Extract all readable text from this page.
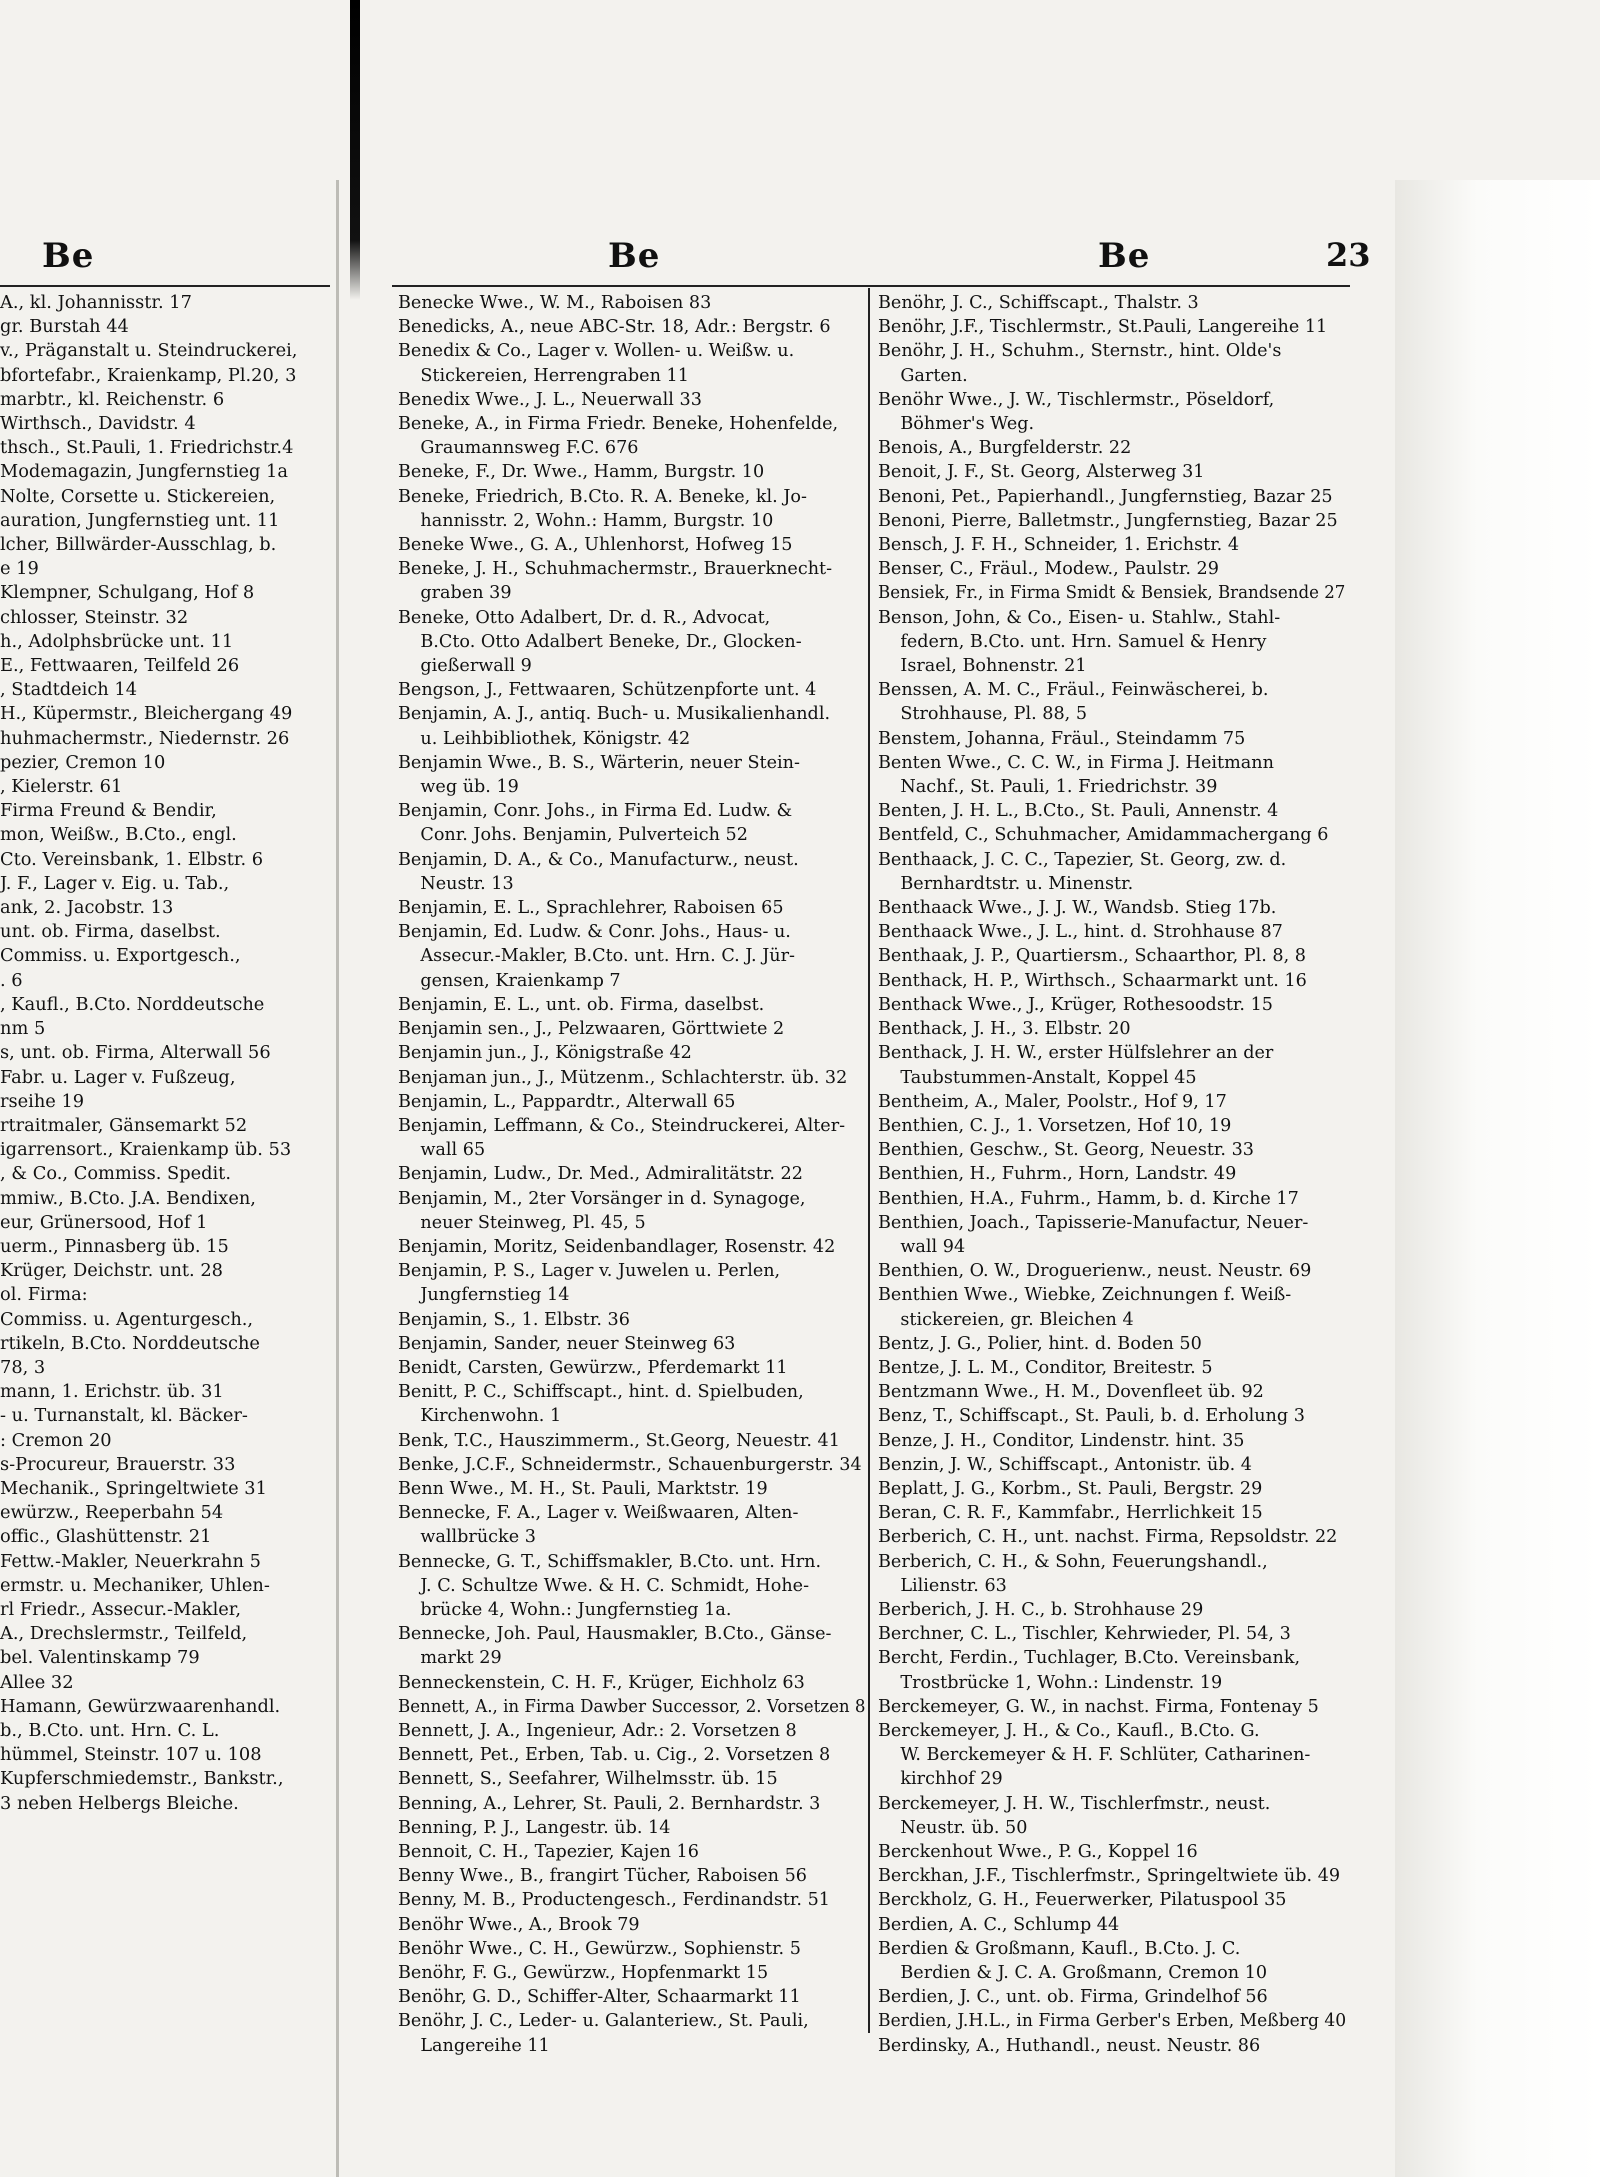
Be	Be	Be	23
A., kl. Johannisstr. 17
gr. Burstah 44
v., Präganstalt u. Steindruckerei,
bfortefabr., Kraienkamp, Pl.20, 3
marbtr., kl. Reichenstr. 6
Wirthsch., Davidstr. 4
thsch., St.Pauli, 1. Friedrichstr.4
Modemagazin, Jungfernstieg 1a
Nolte, Corsette u. Stickereien,
auration, Jungfernstieg unt. 11
lcher, Billwärder-Ausschlag, b.
e 19
Klempner, Schulgang, Hof 8
chlosser, Steinstr. 32
h., Adolphsbrücke unt. 11
E., Fettwaaren, Teilfeld 26
, Stadtdeich 14
H., Küpermstr., Bleichergang 49
huhmachermstr., Niedernstr. 26
pezier, Cremon 10
, Kielerstr. 61
Firma Freund & Bendir,
mon, Weißw., B.Cto., engl.
Cto. Vereinsbank, 1. Elbstr. 6
J. F., Lager v. Eig. u. Tab.,
ank, 2. Jacobstr. 13
unt. ob. Firma, daselbst.
Commiss. u. Exportgesch.,
. 6
, Kaufl., B.Cto. Norddeutsche
nm 5
s, unt. ob. Firma, Alterwall 56
Fabr. u. Lager v. Fußzeug,
rseihe 19
rtraitmaler, Gänsemarkt 52
igarrensort., Kraienkamp üb. 53
, & Co., Commiss. Spedit.
mmiw., B.Cto. J.A. Bendixen,
eur, Grünersood, Hof 1
uerm., Pinnasberg üb. 15
Krüger, Deichstr. unt. 28
ol. Firma:
Commiss. u. Agenturgesch.,
rtikeln, B.Cto. Norddeutsche
78, 3
mann, 1. Erichstr. üb. 31
- u. Turnanstalt, kl. Bäcker-
: Cremon 20
s-Procureur, Brauerstr. 33
Mechanik., Springeltwiete 31
ewürzw., Reeperbahn 54
offic., Glashüttenstr. 21
Fettw.-Makler, Neuerkrahn 5
ermstr. u. Mechaniker, Uhlen-
rl Friedr., Assecur.-Makler,
A., Drechslermstr., Teilfeld,
bel. Valentinskamp 79
Allee 32
Hamann, Gewürzwaarenhandl.
b., B.Cto. unt. Hrn. C. L.
hümmel, Steinstr. 107 u. 108
Kupferschmiedemstr., Bankstr.,
3 neben Helbergs Bleiche.
Benecke Wwe., W. M., Raboisen 83
Benedicks, A., neue ABC-Str. 18, Adr.: Bergstr. 6
Benedix & Co., Lager v. Wollen- u. Weißw. u.
Stickereien, Herrengraben 11
Benedix Wwe., J. L., Neuerwall 33
Beneke, A., in Firma Friedr. Beneke, Hohenfelde,
Graumannsweg F.C. 676
Beneke, F., Dr. Wwe., Hamm, Burgstr. 10
Beneke, Friedrich, B.Cto. R. A. Beneke, kl. Jo-
hannisstr. 2, Wohn.: Hamm, Burgstr. 10
Beneke Wwe., G. A., Uhlenhorst, Hofweg 15
Beneke, J. H., Schuhmachermstr., Brauerknecht-
graben 39
Beneke, Otto Adalbert, Dr. d. R., Advocat,
B.Cto. Otto Adalbert Beneke, Dr., Glocken-
gießerwall 9
Bengson, J., Fettwaaren, Schützenpforte unt. 4
Benjamin, A. J., antiq. Buch- u. Musikalienhandl.
u. Leihbibliothek, Königstr. 42
Benjamin Wwe., B. S., Wärterin, neuer Stein-
weg üb. 19
Benjamin, Conr. Johs., in Firma Ed. Ludw. &
Conr. Johs. Benjamin, Pulverteich 52
Benjamin, D. A., & Co., Manufacturw., neust.
Neustr. 13
Benjamin, E. L., Sprachlehrer, Raboisen 65
Benjamin, Ed. Ludw. & Conr. Johs., Haus- u.
Assecur.-Makler, B.Cto. unt. Hrn. C. J. Jür-
gensen, Kraienkamp 7
Benjamin, E. L., unt. ob. Firma, daselbst.
Benjamin sen., J., Pelzwaaren, Görttwiete 2
Benjamin jun., J., Königstraße 42
Benjaman jun., J., Mützenm., Schlachterstr. üb. 32
Benjamin, L., Pappardtr., Alterwall 65
Benjamin, Leffmann, & Co., Steindruckerei, Alter-
wall 65
Benjamin, Ludw., Dr. Med., Admiralitätstr. 22
Benjamin, M., 2ter Vorsänger in d. Synagoge,
neuer Steinweg, Pl. 45, 5
Benjamin, Moritz, Seidenbandlager, Rosenstr. 42
Benjamin, P. S., Lager v. Juwelen u. Perlen,
Jungfernstieg 14
Benjamin, S., 1. Elbstr. 36
Benjamin, Sander, neuer Steinweg 63
Benidt, Carsten, Gewürzw., Pferdemarkt 11
Benitt, P. C., Schiffscapt., hint. d. Spielbuden,
Kirchenwohn. 1
Benk, T.C., Hauszimmerm., St.Georg, Neuestr. 41
Benke, J.C.F., Schneidermstr., Schauenburgerstr. 34
Benn Wwe., M. H., St. Pauli, Marktstr. 19
Bennecke, F. A., Lager v. Weißwaaren, Alten-
wallbrücke 3
Bennecke, G. T., Schiffsmakler, B.Cto. unt. Hrn.
J. C. Schultze Wwe. & H. C. Schmidt, Hohe-
brücke 4, Wohn.: Jungfernstieg 1a.
Bennecke, Joh. Paul, Hausmakler, B.Cto., Gänse-
markt 29
Benneckenstein, C. H. F., Krüger, Eichholz 63
Bennett, A., in Firma Dawber Successor, 2. Vorsetzen 8
Bennett, J. A., Ingenieur, Adr.: 2. Vorsetzen 8
Bennett, Pet., Erben, Tab. u. Cig., 2. Vorsetzen 8
Bennett, S., Seefahrer, Wilhelmsstr. üb. 15
Benning, A., Lehrer, St. Pauli, 2. Bernhardstr. 3
Benning, P. J., Langestr. üb. 14
Bennoit, C. H., Tapezier, Kajen 16
Benny Wwe., B., frangirt Tücher, Raboisen 56
Benny, M. B., Productengesch., Ferdinandstr. 51
Benöhr Wwe., A., Brook 79
Benöhr Wwe., C. H., Gewürzw., Sophienstr. 5
Benöhr, F. G., Gewürzw., Hopfenmarkt 15
Benöhr, G. D., Schiffer-Alter, Schaarmarkt 11
Benöhr, J. C., Leder- u. Galanteriew., St. Pauli,
Langereihe 11
Benöhr, J. C., Schiffscapt., Thalstr. 3
Benöhr, J.F., Tischlermstr., St.Pauli, Langereihe 11
Benöhr, J. H., Schuhm., Sternstr., hint. Olde's
Garten.
Benöhr Wwe., J. W., Tischlermstr., Pöseldorf,
Böhmer's Weg.
Benois, A., Burgfelderstr. 22
Benoit, J. F., St. Georg, Alsterweg 31
Benoni, Pet., Papierhandl., Jungfernstieg, Bazar 25
Benoni, Pierre, Balletmstr., Jungfernstieg, Bazar 25
Bensch, J. F. H., Schneider, 1. Erichstr. 4
Benser, C., Fräul., Modew., Paulstr. 29
Bensiek, Fr., in Firma Smidt & Bensiek, Brandsende 27
Benson, John, & Co., Eisen- u. Stahlw., Stahl-
federn, B.Cto. unt. Hrn. Samuel & Henry
Israel, Bohnenstr. 21
Benssen, A. M. C., Fräul., Feinwäscherei, b.
Strohhause, Pl. 88, 5
Benstem, Johanna, Fräul., Steindamm 75
Benten Wwe., C. C. W., in Firma J. Heitmann
Nachf., St. Pauli, 1. Friedrichstr. 39
Benten, J. H. L., B.Cto., St. Pauli, Annenstr. 4
Bentfeld, C., Schuhmacher, Amidammachergang 6
Benthaack, J. C. C., Tapezier, St. Georg, zw. d.
Bernhardtstr. u. Minenstr.
Benthaack Wwe., J. J. W., Wandsb. Stieg 17b.
Benthaack Wwe., J. L., hint. d. Strohhause 87
Benthaak, J. P., Quartiersm., Schaarthor, Pl. 8, 8
Benthack, H. P., Wirthsch., Schaarmarkt unt. 16
Benthack Wwe., J., Krüger, Rothesoodstr. 15
Benthack, J. H., 3. Elbstr. 20
Benthack, J. H. W., erster Hülfslehrer an der
Taubstummen-Anstalt, Koppel 45
Bentheim, A., Maler, Poolstr., Hof 9, 17
Benthien, C. J., 1. Vorsetzen, Hof 10, 19
Benthien, Geschw., St. Georg, Neuestr. 33
Benthien, H., Fuhrm., Horn, Landstr. 49
Benthien, H.A., Fuhrm., Hamm, b. d. Kirche 17
Benthien, Joach., Tapisserie-Manufactur, Neuer-
wall 94
Benthien, O. W., Droguerienw., neust. Neustr. 69
Benthien Wwe., Wiebke, Zeichnungen f. Weiß-
stickereien, gr. Bleichen 4
Bentz, J. G., Polier, hint. d. Boden 50
Bentze, J. L. M., Conditor, Breitestr. 5
Bentzmann Wwe., H. M., Dovenfleet üb. 92
Benz, T., Schiffscapt., St. Pauli, b. d. Erholung 3
Benze, J. H., Conditor, Lindenstr. hint. 35
Benzin, J. W., Schiffscapt., Antonistr. üb. 4
Beplatt, J. G., Korbm., St. Pauli, Bergstr. 29
Beran, C. R. F., Kammfabr., Herrlichkeit 15
Berberich, C. H., unt. nachst. Firma, Repsoldstr. 22
Berberich, C. H., & Sohn, Feuerungshandl.,
Lilienstr. 63
Berberich, J. H. C., b. Strohhause 29
Berchner, C. L., Tischler, Kehrwieder, Pl. 54, 3
Bercht, Ferdin., Tuchlager, B.Cto. Vereinsbank,
Trostbrücke 1, Wohn.: Lindenstr. 19
Berckemeyer, G. W., in nachst. Firma, Fontenay 5
Berckemeyer, J. H., & Co., Kaufl., B.Cto. G.
W. Berckemeyer & H. F. Schlüter, Catharinen-
kirchhof 29
Berckemeyer, J. H. W., Tischlerfmstr., neust.
Neustr. üb. 50
Berckenhout Wwe., P. G., Koppel 16
Berckhan, J.F., Tischlerfmstr., Springeltwiete üb. 49
Berckholz, G. H., Feuerwerker, Pilatuspool 35
Berdien, A. C., Schlump 44
Berdien & Großmann, Kaufl., B.Cto. J. C.
Berdien & J. C. A. Großmann, Cremon 10
Berdien, J. C., unt. ob. Firma, Grindelhof 56
Berdien, J.H.L., in Firma Gerber's Erben, Meßberg 40
Berdinsky, A., Huthandl., neust. Neustr. 86
